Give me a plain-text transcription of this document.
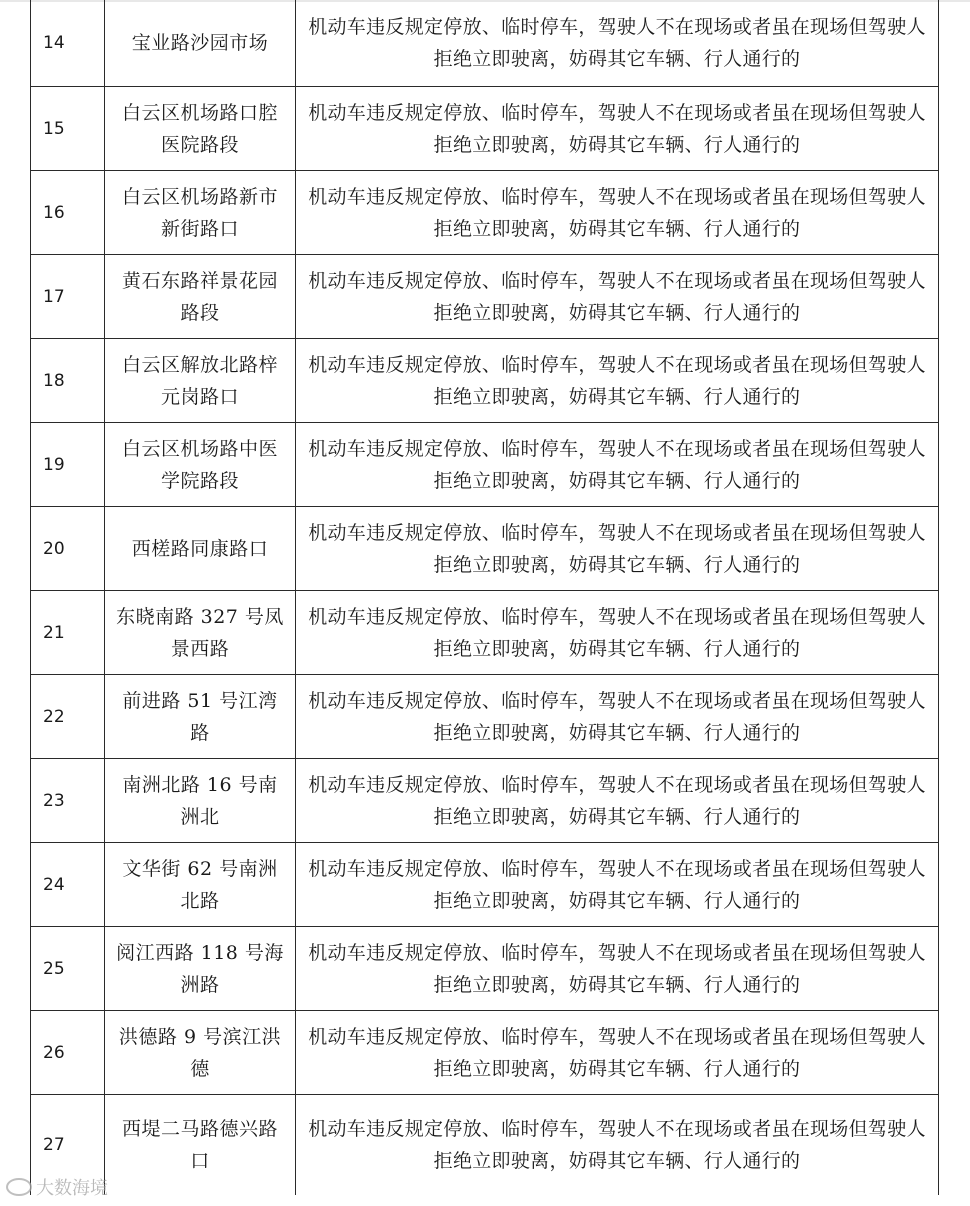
14	宝业路沙园市场	机动车违反规定停放、临时停车，驾驶人不在现场或者虽在现场但驾驶人拒绝立即驶离，妨碍其它车辆、行人通行的
15	白云区机场路口腔医院路段	机动车违反规定停放、临时停车，驾驶人不在现场或者虽在现场但驾驶人拒绝立即驶离，妨碍其它车辆、行人通行的
16	白云区机场路新市新街路口	机动车违反规定停放、临时停车，驾驶人不在现场或者虽在现场但驾驶人拒绝立即驶离，妨碍其它车辆、行人通行的
17	黄石东路祥景花园路段	机动车违反规定停放、临时停车，驾驶人不在现场或者虽在现场但驾驶人拒绝立即驶离，妨碍其它车辆、行人通行的
18	白云区解放北路梓元岗路口	机动车违反规定停放、临时停车，驾驶人不在现场或者虽在现场但驾驶人拒绝立即驶离，妨碍其它车辆、行人通行的
19	白云区机场路中医学院路段	机动车违反规定停放、临时停车，驾驶人不在现场或者虽在现场但驾驶人拒绝立即驶离，妨碍其它车辆、行人通行的
20	西槎路同康路口	机动车违反规定停放、临时停车，驾驶人不在现场或者虽在现场但驾驶人拒绝立即驶离，妨碍其它车辆、行人通行的
21	东晓南路 327 号凤景西路	机动车违反规定停放、临时停车，驾驶人不在现场或者虽在现场但驾驶人拒绝立即驶离，妨碍其它车辆、行人通行的
22	前进路 51 号江湾路	机动车违反规定停放、临时停车，驾驶人不在现场或者虽在现场但驾驶人拒绝立即驶离，妨碍其它车辆、行人通行的
23	南洲北路 16 号南洲北	机动车违反规定停放、临时停车，驾驶人不在现场或者虽在现场但驾驶人拒绝立即驶离，妨碍其它车辆、行人通行的
24	文华街 62 号南洲北路	机动车违反规定停放、临时停车，驾驶人不在现场或者虽在现场但驾驶人拒绝立即驶离，妨碍其它车辆、行人通行的
25	阅江西路 118 号海洲路	机动车违反规定停放、临时停车，驾驶人不在现场或者虽在现场但驾驶人拒绝立即驶离，妨碍其它车辆、行人通行的
26	洪德路 9 号滨江洪德	机动车违反规定停放、临时停车，驾驶人不在现场或者虽在现场但驾驶人拒绝立即驶离，妨碍其它车辆、行人通行的
27	西堤二马路德兴路口	机动车违反规定停放、临时停车，驾驶人不在现场或者虽在现场但驾驶人拒绝立即驶离，妨碍其它车辆、行人通行的
大数海境
